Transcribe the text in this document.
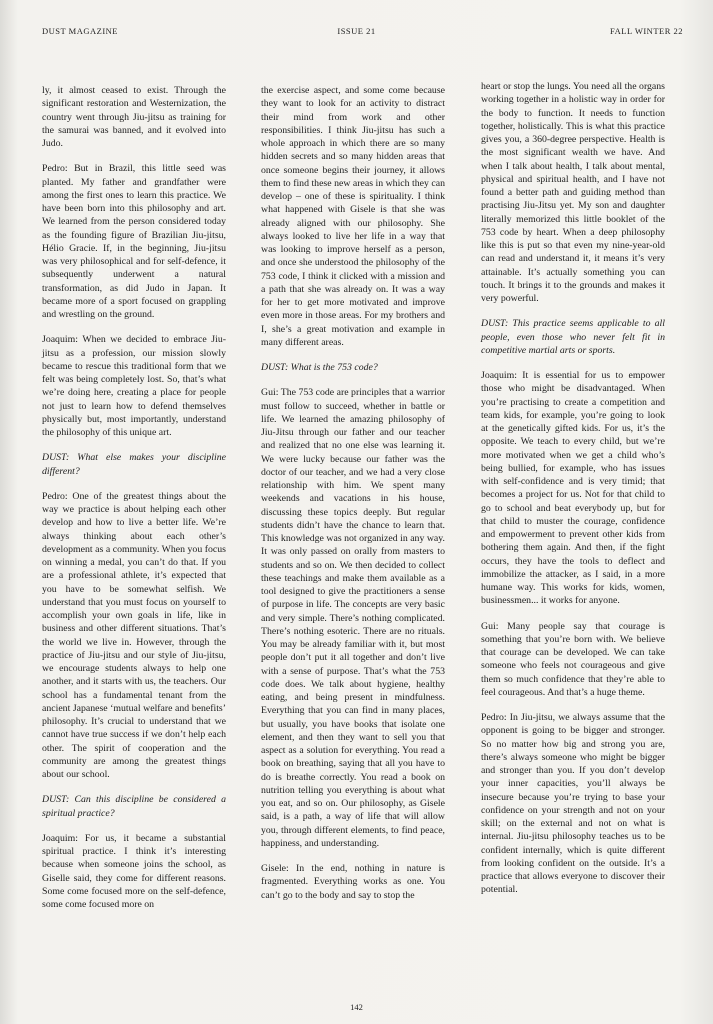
DUST MAGAZINE	ISSUE 21	FALL WINTER 22

ly, it almost ceased to exist. Through the significant restoration and Westernization, the country went through Jiu-jitsu as training for the samurai was banned, and it evolved into Judo.

Pedro: But in Brazil, this little seed was planted. My father and grandfather were among the first ones to learn this practice. We have been born into this philosophy and art. We learned from the person considered today as the founding figure of Brazilian Jiu-jitsu, Hélio Gracie. If, in the beginning, Jiu-jitsu was very philosophical and for self-defence, it subsequently underwent a natural transformation, as did Judo in Japan. It became more of a sport focused on grappling and wrestling on the ground.

Joaquim: When we decided to embrace Jiu-jitsu as a profession, our mission slowly became to rescue this traditional form that we felt was being completely lost. So, that’s what we’re doing here, creating a place for people not just to learn how to defend themselves physically but, most importantly, understand the philosophy of this unique art.

DUST: What else makes your discipline different?

Pedro: One of the greatest things about the way we practice is about helping each other develop and how to live a better life. We’re always thinking about each other’s development as a community. When you focus on winning a medal, you can’t do that. If you are a professional athlete, it’s expected that you have to be somewhat selfish. We understand that you must focus on yourself to accomplish your own goals in life, like in business and other different situations. That’s the world we live in. However, through the practice of Jiu-jitsu and our style of Jiu-jitsu, we encourage students always to help one another, and it starts with us, the teachers. Our school has a fundamental tenant from the ancient Japanese ‘mutual welfare and benefits’ philosophy. It’s crucial to understand that we cannot have true success if we don’t help each other. The spirit of cooperation and the community are among the greatest things about our school.

DUST: Can this discipline be considered a spiritual practice?

Joaquim: For us, it became a substantial spiritual practice. I think it’s interesting because when someone joins the school, as Giselle said, they come for different reasons. Some come focused more on the self-defence, some come focused more on

the exercise aspect, and some come because they want to look for an activity to distract their mind from work and other responsibilities. I think Jiu-jitsu has such a whole approach in which there are so many hidden secrets and so many hidden areas that once someone begins their journey, it allows them to find these new areas in which they can develop – one of these is spirituality. I think what happened with Gisele is that she was already aligned with our philosophy. She always looked to live her life in a way that was looking to improve herself as a person, and once she understood the philosophy of the 753 code, I think it clicked with a mission and a path that she was already on. It was a way for her to get more motivated and improve even more in those areas. For my brothers and I, she’s a great motivation and example in many different areas.

DUST: What is the 753 code?

Gui: The 753 code are principles that a warrior must follow to succeed, whether in battle or life. We learned the amazing philosophy of Jiu-Jitsu through our father and our teacher and realized that no one else was learning it. We were lucky because our father was the doctor of our teacher, and we had a very close relationship with him. We spent many weekends and vacations in his house, discussing these topics deeply. But regular students didn’t have the chance to learn that. This knowledge was not organized in any way. It was only passed on orally from masters to students and so on. We then decided to collect these teachings and make them available as a tool designed to give the practitioners a sense of purpose in life. The concepts are very basic and very simple. There’s nothing complicated. There’s nothing esoteric. There are no rituals. You may be already familiar with it, but most people don’t put it all together and don’t live with a sense of purpose. That’s what the 753 code does. We talk about hygiene, healthy eating, and being present in mindfulness. Everything that you can find in many places, but usually, you have books that isolate one element, and then they want to sell you that aspect as a solution for everything. You read a book on breathing, saying that all you have to do is breathe correctly. You read a book on nutrition telling you everything is about what you eat, and so on. Our philosophy, as Gisele said, is a path, a way of life that will allow you, through different elements, to find peace, happiness, and understanding.

Gisele: In the end, nothing in nature is fragmented. Everything works as one. You can’t go to the body and say to stop the

heart or stop the lungs. You need all the organs working together in a holistic way in order for the body to function. It needs to function together, holistically. This is what this practice gives you, a 360-degree perspective. Health is the most significant wealth we have. And when I talk about health, I talk about mental, physical and spiritual health, and I have not found a better path and guiding method than practising Jiu-Jitsu yet. My son and daughter literally memorized this little booklet of the 753 code by heart. When a deep philosophy like this is put so that even my nine-year-old can read and understand it, it means it’s very attainable. It’s actually something you can touch. It brings it to the grounds and makes it very powerful.

DUST: This practice seems applicable to all people, even those who never felt fit in competitive martial arts or sports.

Joaquim: It is essential for us to empower those who might be disadvantaged. When you’re practising to create a competition and team kids, for example, you’re going to look at the genetically gifted kids. For us, it’s the opposite. We teach to every child, but we’re more motivated when we get a child who’s being bullied, for example, who has issues with self-confidence and is very timid; that becomes a project for us. Not for that child to go to school and beat everybody up, but for that child to muster the courage, confidence and empowerment to prevent other kids from bothering them again. And then, if the fight occurs, they have the tools to deflect and immobilize the attacker, as I said, in a more humane way. This works for kids, women, businessmen... it works for anyone.

Gui: Many people say that courage is something that you’re born with. We believe that courage can be developed. We can take someone who feels not courageous and give them so much confidence that they’re able to feel courageous. And that’s a huge theme.

Pedro: In Jiu-jitsu, we always assume that the opponent is going to be bigger and stronger. So no matter how big and strong you are, there’s always someone who might be bigger and stronger than you. If you don’t develop your inner capacities, you’ll always be insecure because you’re trying to base your confidence on your strength and not on your skill; on the external and not on what is internal. Jiu-jitsu philosophy teaches us to be confident internally, which is quite different from looking confident on the outside. It’s a practice that allows everyone to discover their potential.

142
